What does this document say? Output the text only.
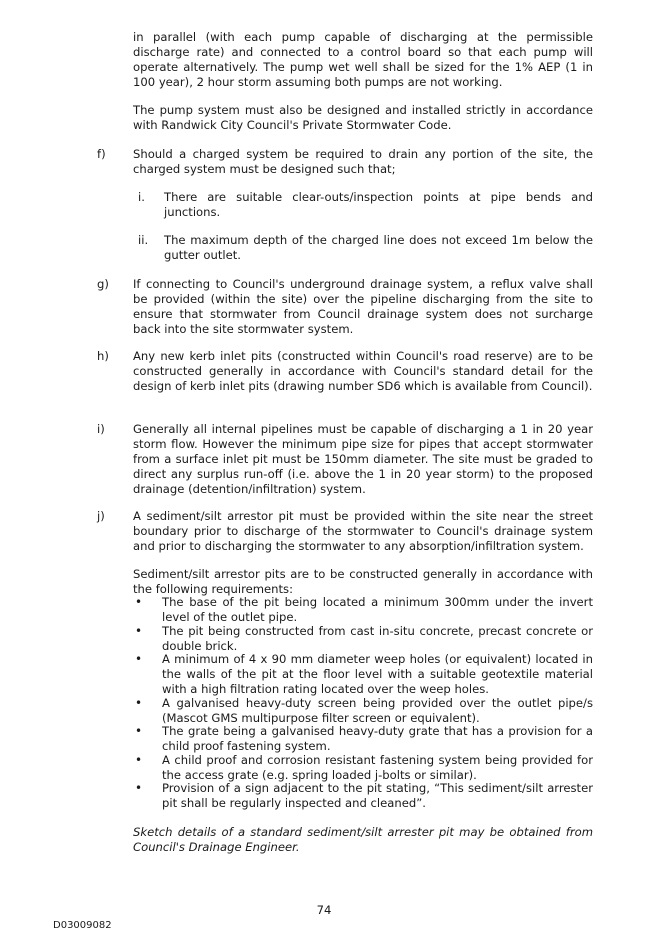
in parallel (with each pump capable of discharging at the permissible discharge rate) and connected to a control board so that each pump will operate alternatively. The pump wet well shall be sized for the 1% AEP (1 in 100 year), 2 hour storm assuming both pumps are not working.

The pump system must also be designed and installed strictly in accordance with Randwick City Council's Private Stormwater Code.

f) Should a charged system be required to drain any portion of the site, the charged system must be designed such that;

i. There are suitable clear-outs/inspection points at pipe bends and junctions.

ii. The maximum depth of the charged line does not exceed 1m below the gutter outlet.

g) If connecting to Council's underground drainage system, a reflux valve shall be provided (within the site) over the pipeline discharging from the site to ensure that stormwater from Council drainage system does not surcharge back into the site stormwater system.

h) Any new kerb inlet pits (constructed within Council's road reserve) are to be constructed generally in accordance with Council's standard detail for the design of kerb inlet pits (drawing number SD6 which is available from Council).

i) Generally all internal pipelines must be capable of discharging a 1 in 20 year storm flow. However the minimum pipe size for pipes that accept stormwater from a surface inlet pit must be 150mm diameter. The site must be graded to direct any surplus run-off (i.e. above the 1 in 20 year storm) to the proposed drainage (detention/infiltration) system.

j) A sediment/silt arrestor pit must be provided within the site near the street boundary prior to discharge of the stormwater to Council's drainage system and prior to discharging the stormwater to any absorption/infiltration system.

Sediment/silt arrestor pits are to be constructed generally in accordance with the following requirements:

• The base of the pit being located a minimum 300mm under the invert level of the outlet pipe.

• The pit being constructed from cast in-situ concrete, precast concrete or double brick.

• A minimum of 4 x 90 mm diameter weep holes (or equivalent) located in the walls of the pit at the floor level with a suitable geotextile material with a high filtration rating located over the weep holes.

• A galvanised heavy-duty screen being provided over the outlet pipe/s (Mascot GMS multipurpose filter screen or equivalent).

• The grate being a galvanised heavy-duty grate that has a provision for a child proof fastening system.

• A child proof and corrosion resistant fastening system being provided for the access grate (e.g. spring loaded j-bolts or similar).

• Provision of a sign adjacent to the pit stating, “This sediment/silt arrester pit shall be regularly inspected and cleaned”.

Sketch details of a standard sediment/silt arrester pit may be obtained from Council's Drainage Engineer.

74

D03009082
